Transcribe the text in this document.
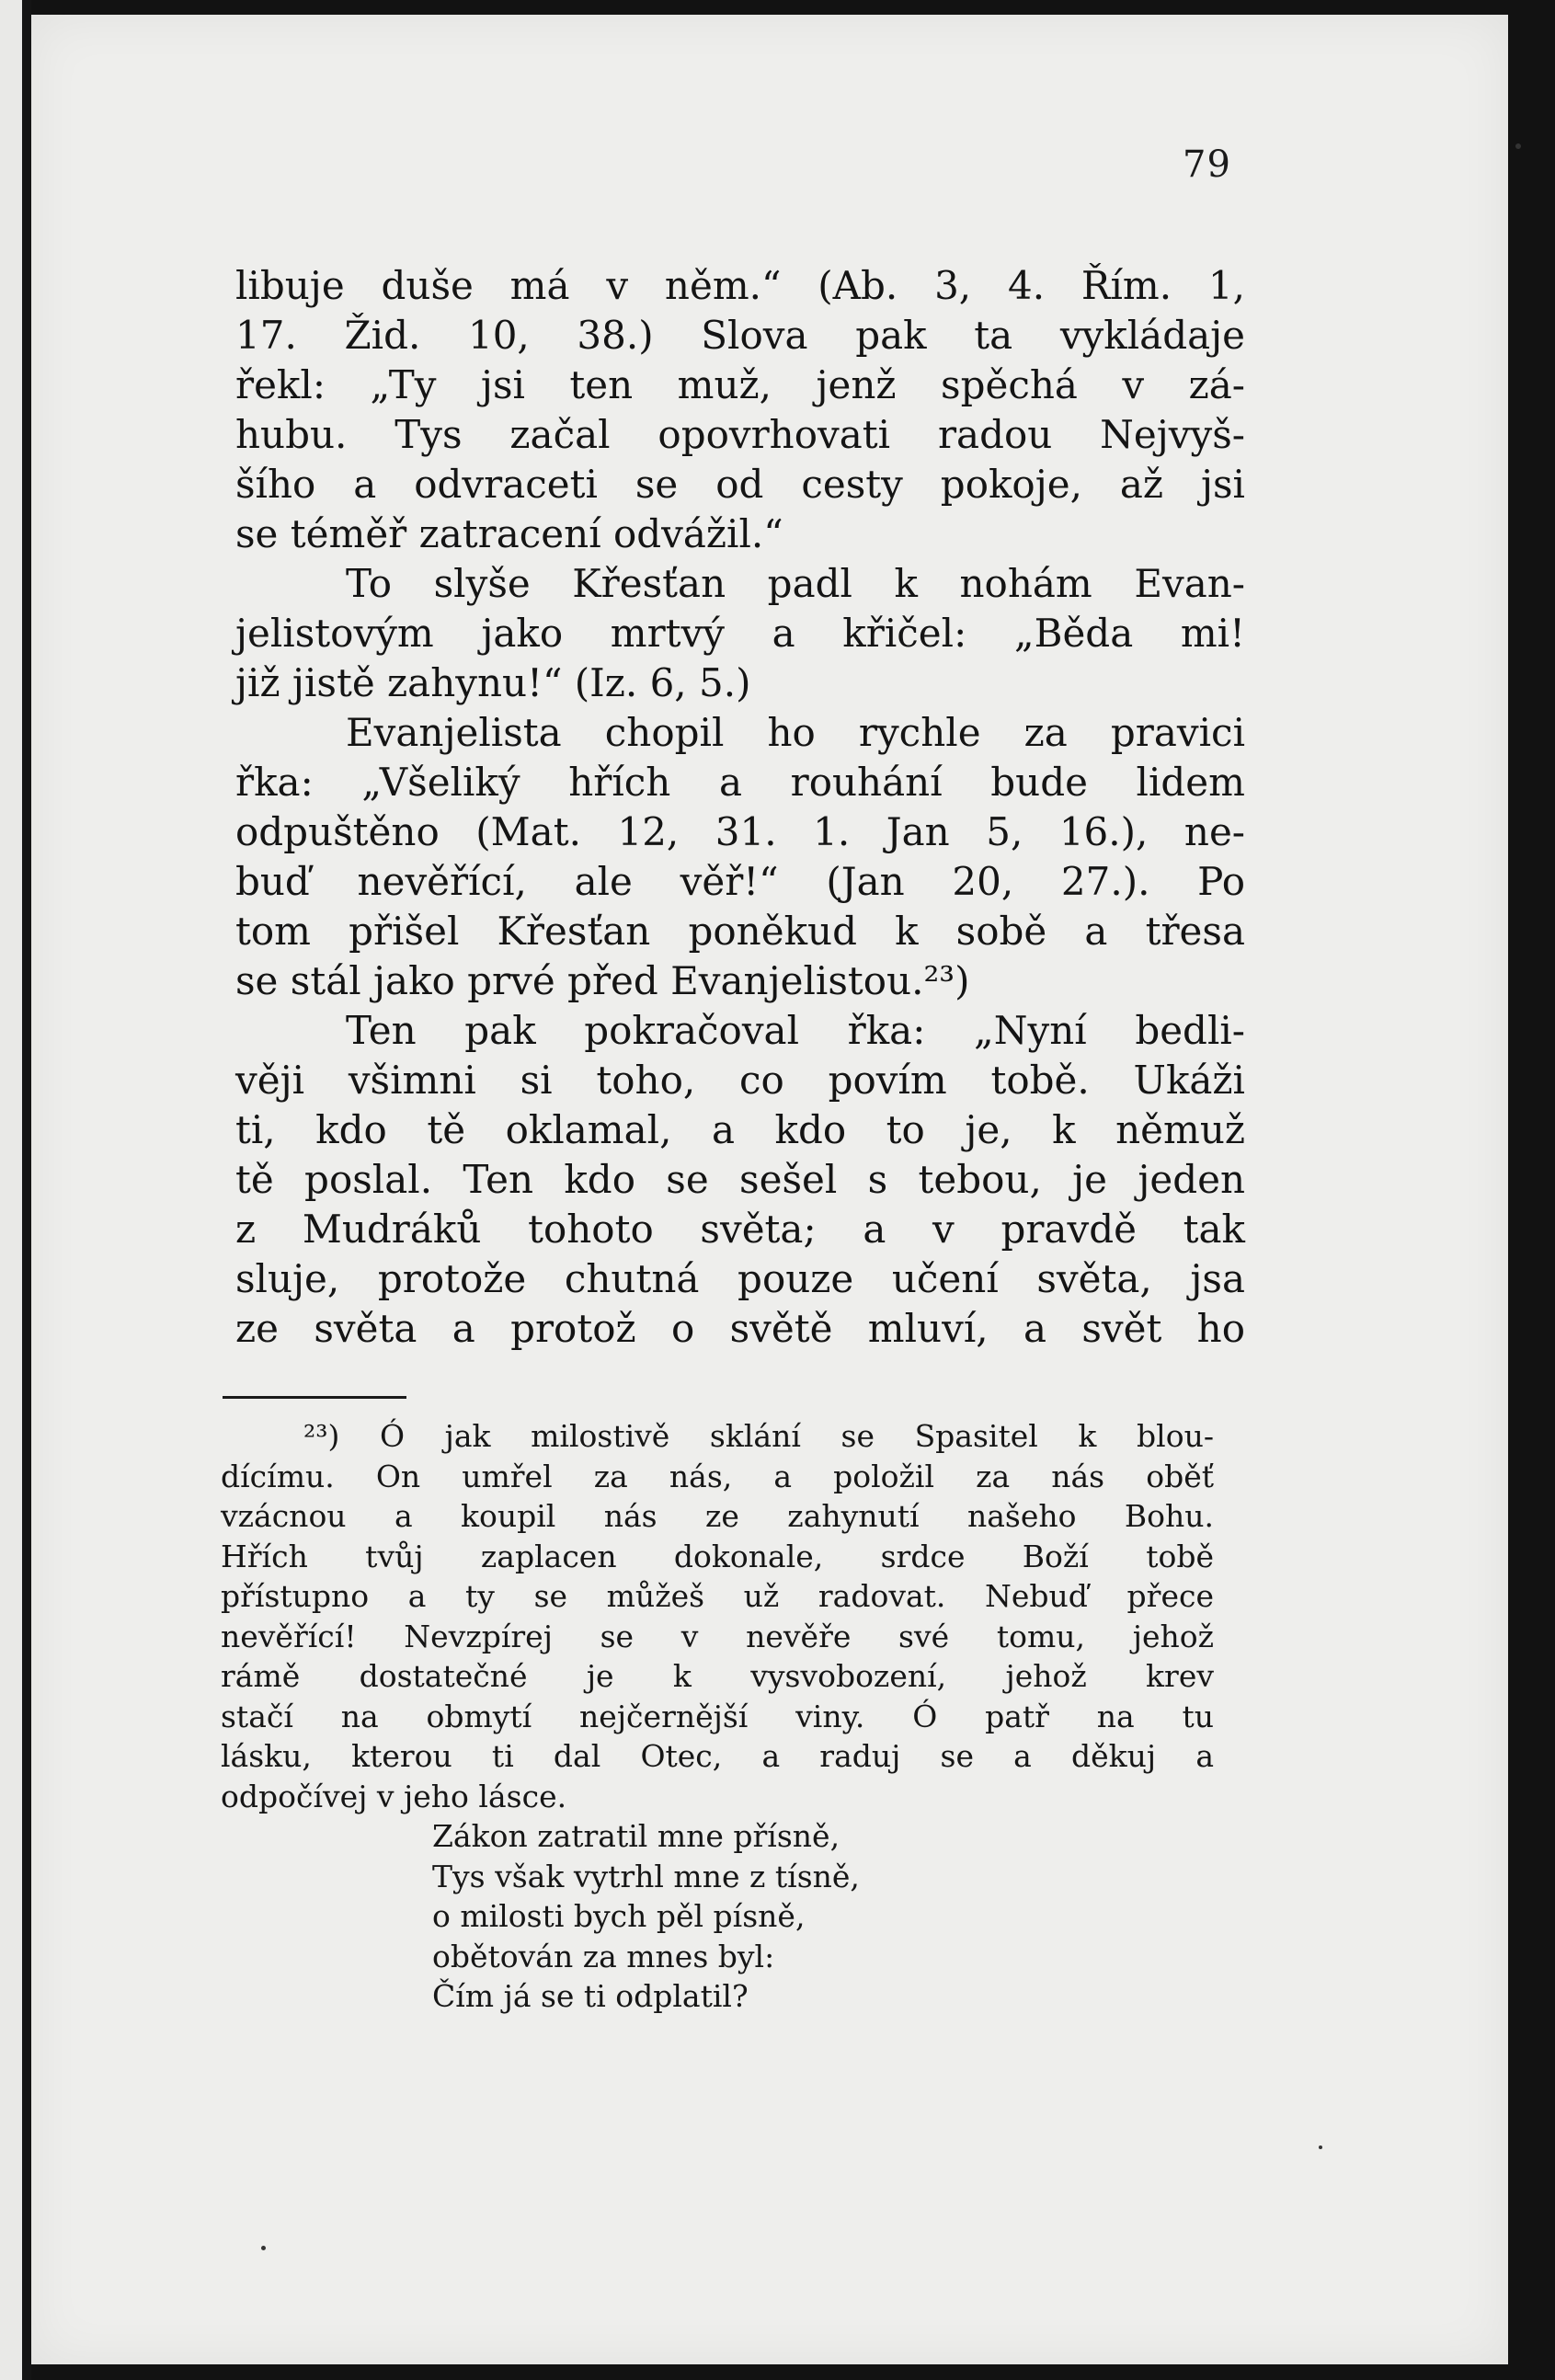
79
libuje duše má v něm.“ (Ab. 3, 4. Řím. 1,
17. Žid. 10, 38.) Slova pak ta vykládaje
řekl: „Ty jsi ten muž, jenž spěchá v zá-
hubu. Tys začal opovrhovati radou Nejvyš-
šího a odvraceti se od cesty pokoje, až jsi
se téměř zatracení odvážil.“
To slyše Křesťan padl k nohám Evan-
jelistovým jako mrtvý a křičel: „Běda mi!
již jistě zahynu!“ (Iz. 6, 5.)
Evanjelista chopil ho rychle za pravici
řka: „Všeliký hřích a rouhání bude lidem
odpuštěno (Mat. 12, 31. 1. Jan 5, 16.), ne-
buď nevěřící, ale věř!“ (Jan 20, 27.). Po
tom přišel Křesťan poněkud k sobě a třesa
se stál jako prvé před Evanjelistou.²³)
Ten pak pokračoval řka: „Nyní bedli-
věji všimni si toho, co povím tobě. Ukáži
ti, kdo tě oklamal, a kdo to je, k němuž
tě poslal. Ten kdo se sešel s tebou, je jeden
z Mudráků tohoto světa; a v pravdě tak
sluje, protože chutná pouze učení světa, jsa
ze světa a protož o světě mluví, a svět ho
²³) Ó jak milostivě sklání se Spasitel k blou-
dícímu. On umřel za nás, a položil za nás oběť
vzácnou a koupil nás ze zahynutí našeho Bohu.
Hřích tvůj zaplacen dokonale, srdce Boží tobě
přístupno a ty se můžeš už radovat. Nebuď přece
nevěřící! Nevzpírej se v nevěře své tomu, jehož
rámě dostatečné je k vysvobození, jehož krev
stačí na obmytí nejčernější viny. Ó patř na tu
lásku, kterou ti dal Otec, a raduj se a děkuj a
odpočívej v jeho lásce.
Zákon zatratil mne přísně,
Tys však vytrhl mne z tísně,
o milosti bych pěl písně,
obětován za mnes byl:
Čím já se ti odplatil?
